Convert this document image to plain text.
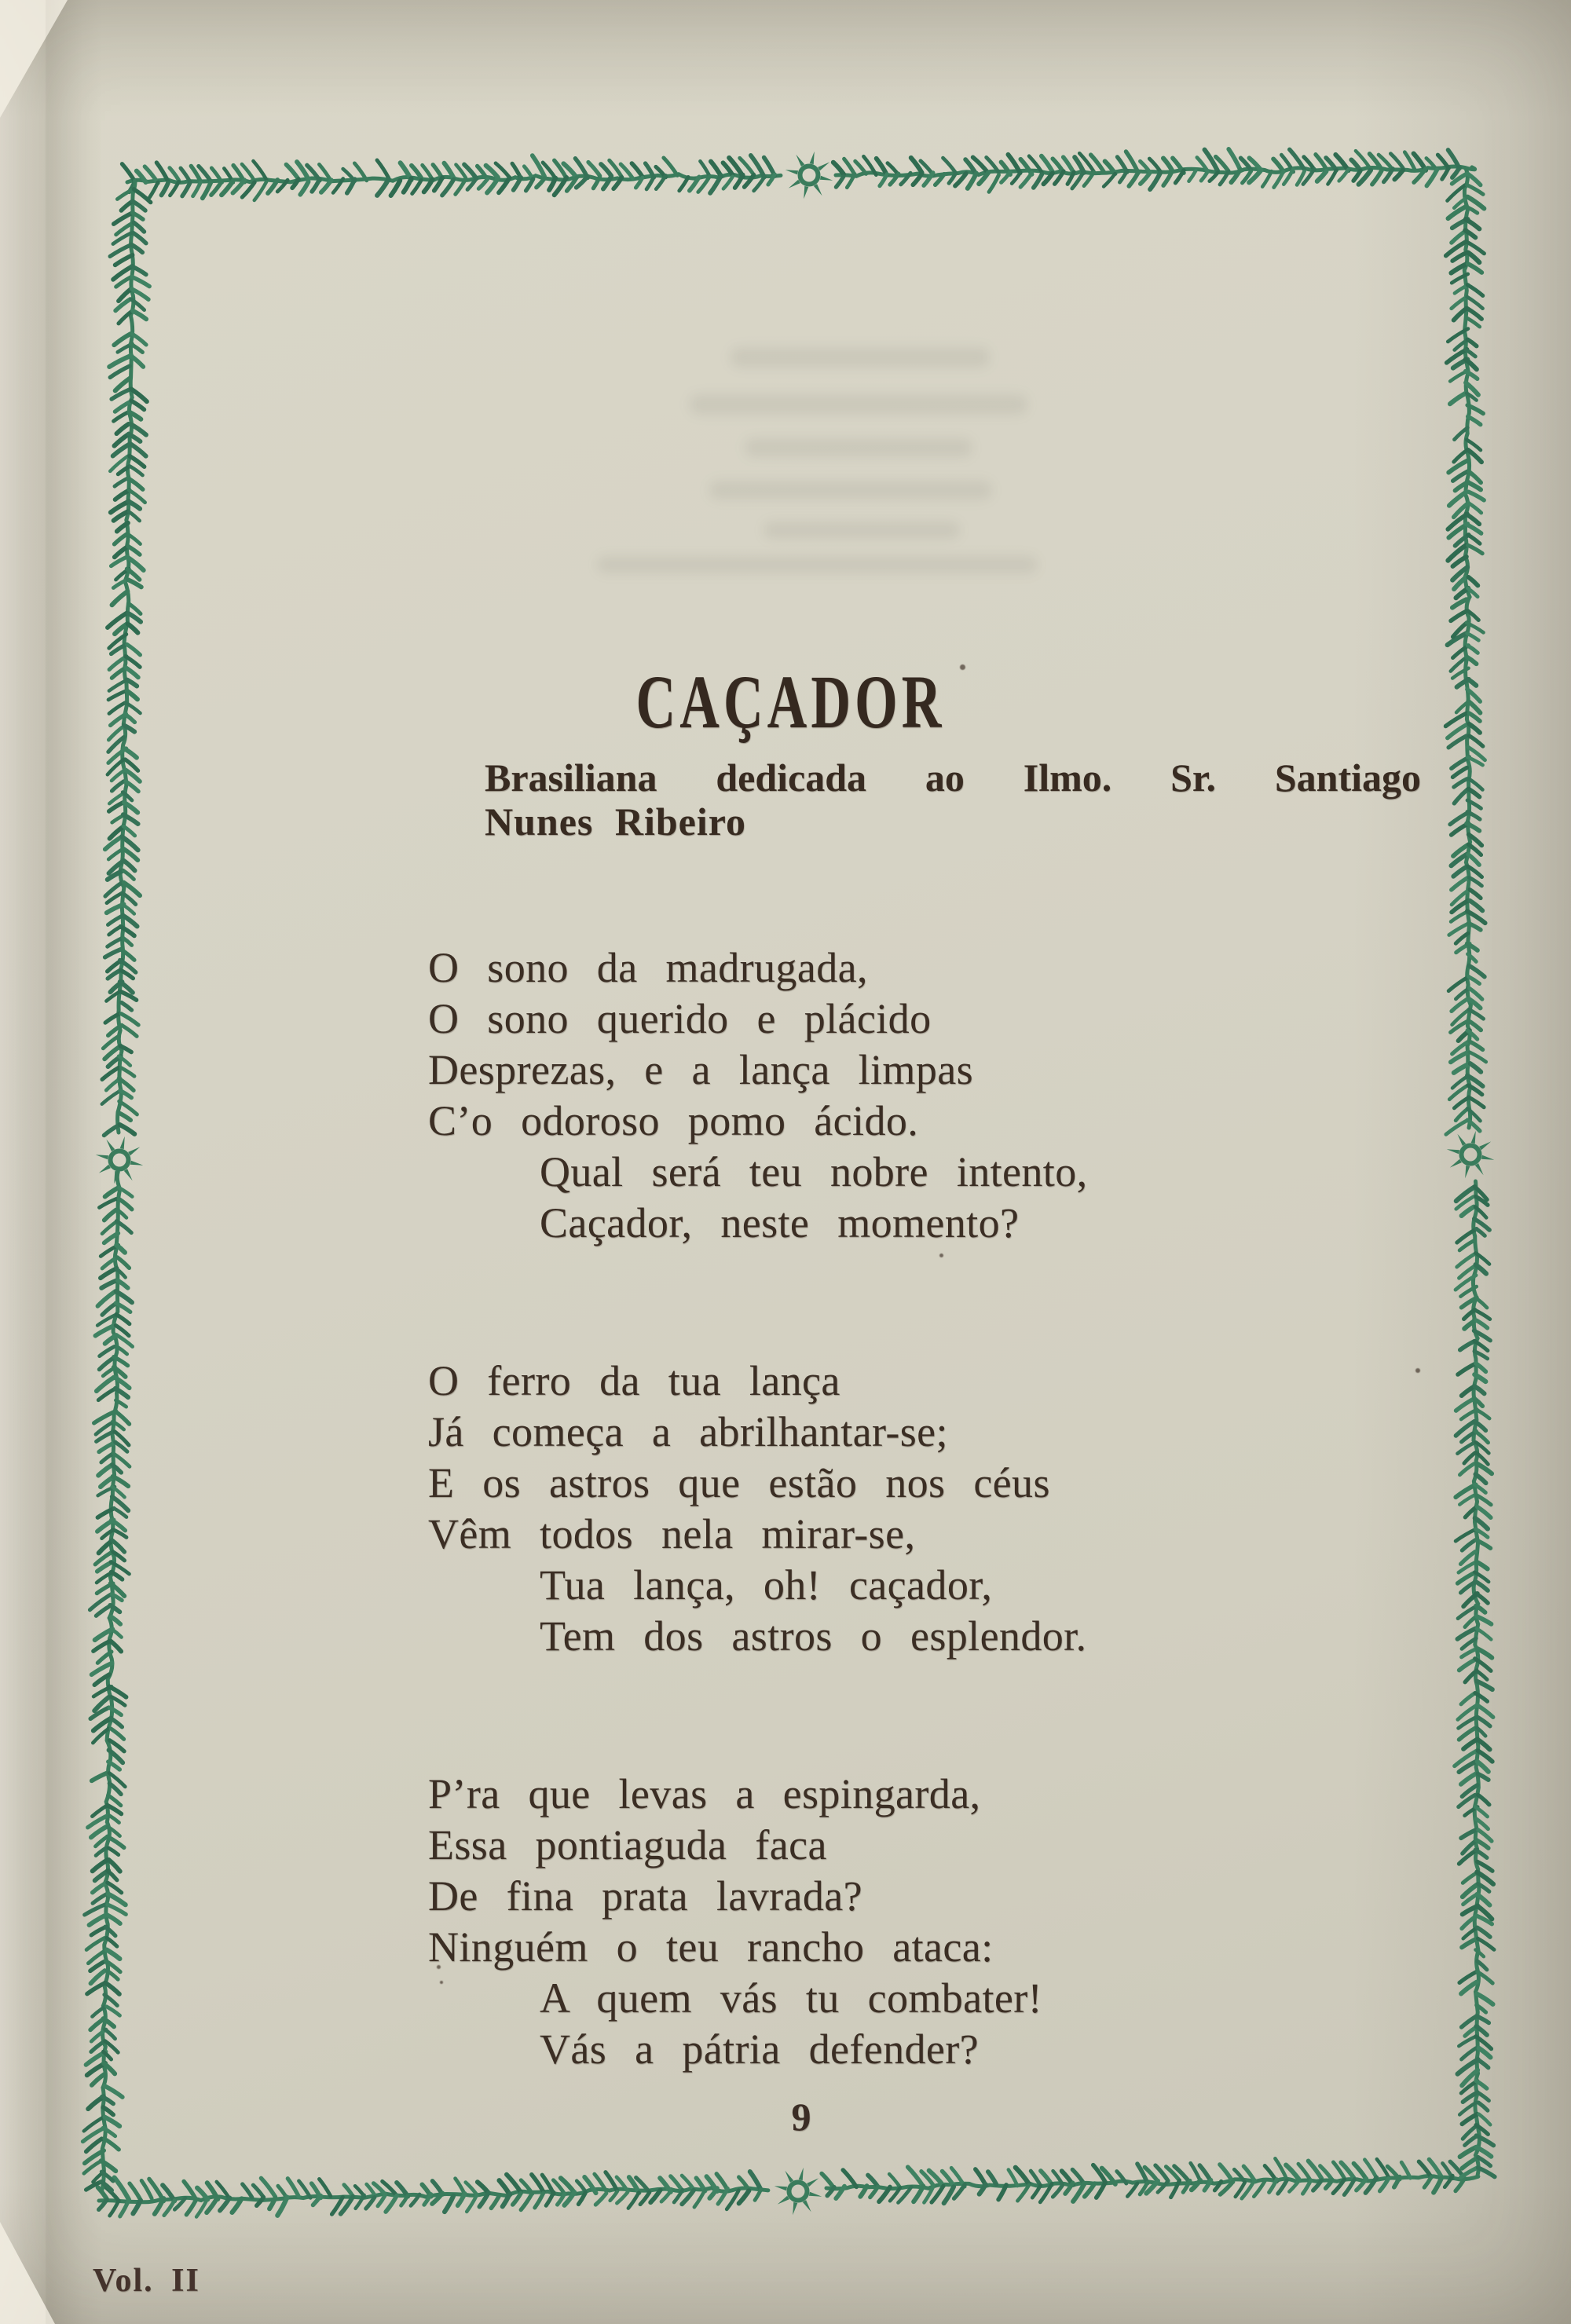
CAÇADOR
Brasiliana dedicada ao Ilmo. Sr. Santiago
Nunes Ribeiro
O sono da madrugada,
O sono querido e plácido
Desprezas, e a lança limpas
C’o odoroso pomo ácido.
Qual será teu nobre intento,
Caçador, neste momento?
O ferro da tua lança
Já começa a abrilhantar-se;
E os astros que estão nos céus
Vêm todos nela mirar-se,
Tua lança, oh! caçador,
Tem dos astros o esplendor.
P’ra que levas a espingarda,
Essa pontiaguda faca
De fina prata lavrada?
Ninguém o teu rancho ataca:
A quem vás tu combater!
Vás a pátria defender?
9
Vol. II
